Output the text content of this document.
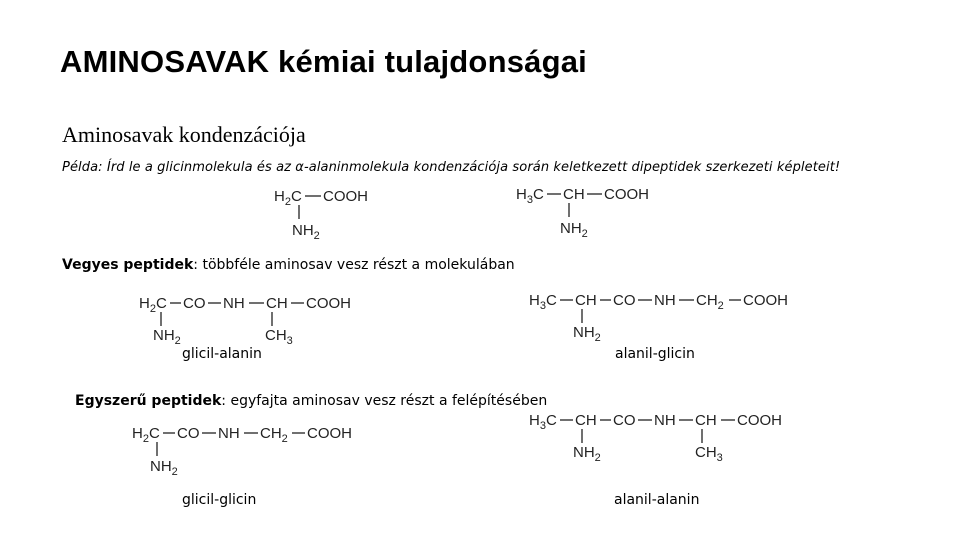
AMINOSAVAK kémiai tulajdonságai
Aminosavak kondenzációja
Példa: Írd le a glicinmolekula és az α-alaninmolekula kondenzációja során keletkezett dipeptidek szerkezeti képleteit!
$H_2C$ COOH
$NH_2$
$H_3C$ CH COOH
$NH_2$
Vegyes peptidek: többféle aminosav vesz részt a molekulában
$H_2C$ CO NH CH COOH
$NH_2$	$CH_3$
$H_3C$ CH CO NH $CH_2$ COOH
$NH_2$
glicil-alanin	alanil-glicin
Egyszerű peptidek: egyfajta aminosav vesz részt a felépítésében
$H_2C$ CO NH $CH_2$ COOH
$NH_2$
$H_3C$ CH CO NH CH COOH
$NH_2$	$CH_3$
glicil-glicin	alanil-alanin
